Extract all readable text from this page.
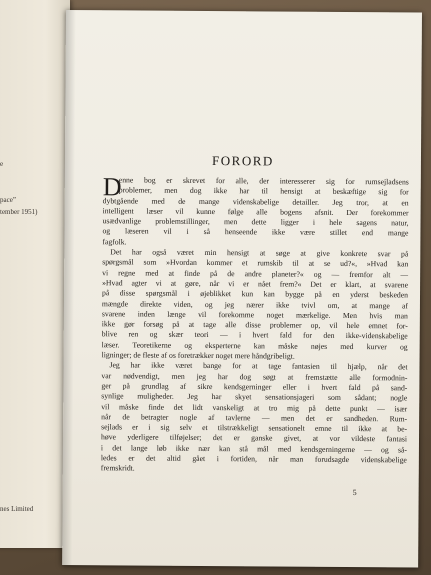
e
pace”
tember 1951)
nes Limited
FORORD
D
enne bog er skrevet for alle, der interesserer sig for rumsejladsens
problemer, men dog ikke har til hensigt at beskæftige sig for
dybtgående med de mange videnskabelige detailler. Jeg tror, at en
intelligent læser vil kunne følge alle bogens afsnit. Der forekommer
usædvanlige problemstillinger, men dette ligger i hele sagens natur,
og læseren vil i så henseende ikke være stillet end mange
fagfolk.
Det har også været min hensigt at søge at give konkrete svar på
spørgsmål som »Hvordan kommer et rumskib til at se ud?«, »Hvad kan
vi regne med at finde på de andre planeter?« og — fremfor alt —
»Hvad agter vi at gøre, når vi er nået frem?« Det er klart, at svarene
på disse spørgsmål i øjeblikket kun kan bygge på en yderst beskeden
mængde direkte viden, og jeg nærer ikke tvivl om, at mange af
svarene inden længe vil forekomme noget mærkelige. Men hvis man
ikke gør forsøg på at tage alle disse problemer op, vil hele emnet for-
blive ren og skær teori — i hvert fald for den ikke-videnskabelige
læser. Teoretikerne og eksperterne kan måske nøjes med kurver og
ligninger; de fleste af os foretrækker noget mere håndgribeligt.
Jeg har ikke været bange for at tage fantasien til hjælp, når det
var nødvendigt, men jeg har dog søgt at fremstætte alle formodnin-
ger på grundlag af sikre kendsgerninger eller i hvert fald på sand-
synlige muligheder. Jeg har skyet sensationsjageri som sådant; nogle
vil måske finde det lidt vanskeligt at tro mig på dette punkt — især
når de betragter nogle af tavlerne — men det er sandheden. Rum-
sejlads er i sig selv et tilstrækkeligt sensationelt emne til ikke at be-
høve yderligere tilføjelser; det er ganske givet, at vor vildeste fantasi
i det lange løb ikke nær kan stå mål med kendsgerningerne — og så-
ledes er det altid gået i fortiden, når man forudsagde videnskabelige
fremskridt.
5
